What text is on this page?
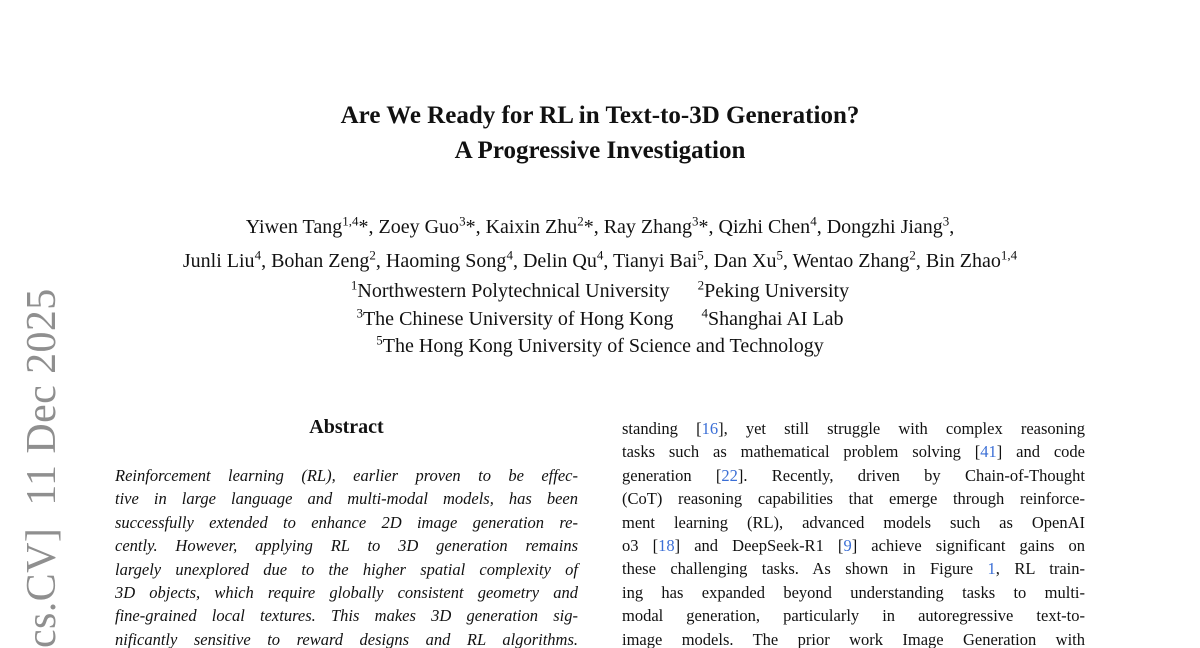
cs.CV]11 Dec 2025
Are We Ready for RL in Text-to-3D Generation?
A Progressive Investigation
Yiwen Tang$^{1,4}$*, Zoey Guo$^3$*, Kaixin Zhu$^2$*, Ray Zhang$^3$*, Qizhi Chen$^4$, Dongzhi Jiang$^3$,
Junli Liu$^4$, Bohan Zeng$^2$, Haoming Song$^4$, Delin Qu$^4$, Tianyi Bai$^5$, Dan Xu$^5$, Wentao Zhang$^2$, Bin Zhao$^{1,4}$
$^1$Northwestern Polytechnical University $^2$Peking University
$^3$The Chinese University of Hong Kong $^4$Shanghai AI Lab
$^5$The Hong Kong University of Science and Technology
Abstract
Reinforcement learning (RL), earlier proven to be effec-
tive in large language and multi-modal models, has been
successfully extended to enhance 2D image generation re-
cently. However, applying RL to 3D generation remains
largely unexplored due to the higher spatial complexity of
3D objects, which require globally consistent geometry and
fine-grained local textures. This makes 3D generation sig-
nificantly sensitive to reward designs and RL algorithms.
standing [16], yet still struggle with complex reasoning
tasks such as mathematical problem solving [41] and code
generation [22]. Recently, driven by Chain-of-Thought
(CoT) reasoning capabilities that emerge through reinforce-
ment learning (RL), advanced models such as OpenAI
o3 [18] and DeepSeek-R1 [9] achieve significant gains on
these challenging tasks. As shown in Figure 1, RL train-
ing has expanded beyond understanding tasks to multi-
modal generation, particularly in autoregressive text-to-
image models. The prior work Image Generation with
